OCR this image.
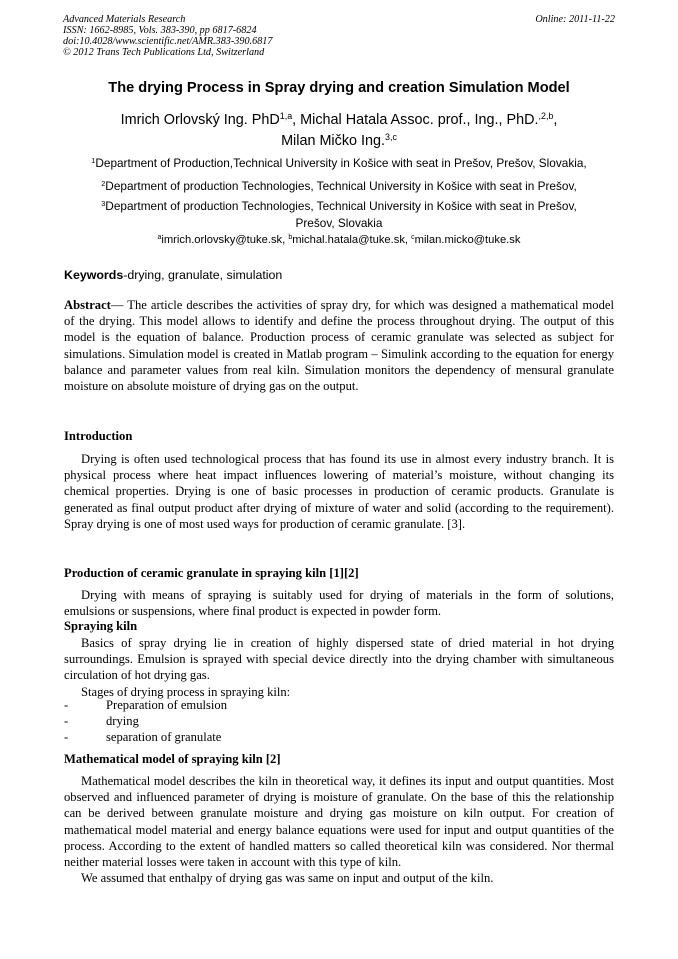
Advanced Materials Research
ISSN: 1662-8985, Vols. 383-390, pp 6817-6824
doi:10.4028/www.scientific.net/AMR.383-390.6817
© 2012 Trans Tech Publications Ltd, Switzerland
Online: 2011-11-22
The drying Process in Spray drying and creation Simulation Model
Imrich Orlovský Ing. PhD$^{1,a}$, Michal Hatala Assoc. prof., Ing., PhD.$^{,2,b}$,
Milan Mičko Ing.$^{3,c}$
$^1$Department of Production,Technical University in Košice with seat in Prešov, Prešov, Slovakia,
$^2$Department of production Technologies, Technical University in Košice with seat in Prešov,
$^3$Department of production Technologies, Technical University in Košice with seat in Prešov,
Prešov, Slovakia
$^a$imrich.orlovsky@tuke.sk, $^b$michal.hatala@tuke.sk, $^c$milan.micko@tuke.sk
Keywords-drying, granulate, simulation

Abstract— The article describes the activities of spray dry, for which was designed a mathematical model of the drying. This model allows to identify and define the process throughout drying. The output of this model is the equation of balance. Production process of ceramic granulate was selected as subject for simulations. Simulation model is created in Matlab program – Simulink according to the equation for energy balance and parameter values from real kiln. Simulation monitors the dependency of mensural granulate moisture on absolute moisture of drying gas on the output.

Introduction

Drying is often used technological process that has found its use in almost every industry branch. It is physical process where heat impact influences lowering of material’s moisture, without changing its chemical properties. Drying is one of basic processes in production of ceramic products. Granulate is generated as final output product after drying of mixture of water and solid (according to the requirement). Spray drying is one of most used ways for production of ceramic granulate. [3].

Production of ceramic granulate in spraying kiln [1][2]

Drying with means of spraying is suitably used for drying of materials in the form of solutions, emulsions or suspensions, where final product is expected in powder form.

Spraying kiln

Basics of spray drying lie in creation of highly dispersed state of dried material in hot drying surroundings. Emulsion is sprayed with special device directly into the drying chamber with simultaneous circulation of hot drying gas.

Stages of drying process in spraying kiln:

-	Preparation of emulsion
-	drying
-	separation of granulate
Mathematical model of spraying kiln [2]

Mathematical model describes the kiln in theoretical way, it defines its input and output quantities. Most observed and influenced parameter of drying is moisture of granulate. On the base of this the relationship can be derived between granulate moisture and drying gas moisture on kiln output. For creation of mathematical model material and energy balance equations were used for input and output quantities of the process. According to the extent of handled matters so called theoretical kiln was considered. Nor thermal neither material losses were taken in account with this type of kiln.

We assumed that enthalpy of drying gas was same on input and output of the kiln.
